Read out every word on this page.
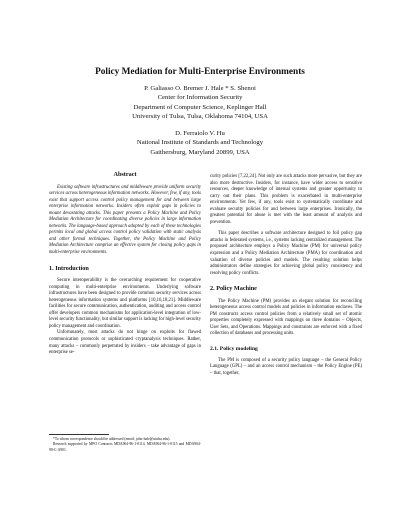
Policy Mediation for Multi-Enterprise Environments
P. Galiasso O. Bremer J. Hale * S. Shenoi
Center for Information Security
Department of Computer Science, Keplinger Hall
University of Tulsa, Tulsa, Oklahoma 74104, USA
D. Ferraiolo V. Hu
National Institute of Standards and Technology
Gaithersburg, Maryland 20899, USA
Abstract

Existing software infrastructures and middleware provide uniform security services across heterogeneous information networks. However, few, if any, tools exist that support access control policy management for and between large enterprise information networks. Insiders often exploit gaps in policies to mount devastating attacks. This paper presents a Policy Machine and Policy Mediation Architecture for coordinating diverse policies in large information networks. The language-based approach adopted by each of these technologies permits local and global access control policy validation with static analysis and other formal techniques. Together, the Policy Machine and Policy Mediation Architecture comprise an effective system for closing policy gaps in multi-enterprise environments.

1. Introduction

Secure interoperability is the overarching requirement for cooperative computing in multi-enterprise environments. Underlying software infrastructures have been designed to provide common security services across heterogeneous information systems and platforms [10,16,18,21]. Middleware facilities for secure communication, authentication, auditing and access control offer developers common mechanisms for application-level integration of low-level security functionality, but similar support is lacking for high-level security policy management and coordination.

Unfortunately, most attacks do not hinge on exploits for flawed communication protocols or sophisticated cryptanalysis techniques. Rather, many attacks – commonly perpetrated by insiders – take advantage of gaps in enterprise se-

*To whom correspondence should be addressed (email: john-hale@utulsa.edu).

Research supported by MPO Contracts MDA904-96-1-0114, MDA904-96-1-0115 and MDA904-98-C-A901.

curity policies [7,22,24]. Not only are such attacks more pervasive, but they are also more destructive. Insiders, for instance, have wider access to sensitive resources, deeper knowledge of internal systems and greater opportunity to carry out their plans. This problem is exacerbated in multi-enterprise environments. Yet few, if any, tools exist to systematically coordinate and evaluate security policies for and between large enterprises. Ironically, the greatest potential for abuse is met with the least amount of analysis and prevention.

This paper describes a software architecture designed to foil policy gap attacks in federated systems, i.e., systems lacking centralized management. The proposed architecture employs a Policy Machine (PM) for universal policy expression and a Policy Mediation Architecture (PMA) for coordination and valuation of diverse policies and models. The resulting solution helps administrators define strategies for achieving global policy consistency and resolving policy conflicts.

2. Policy Machine

The Policy Machine (PM) provides an elegant solution for reconciling heterogeneous access control models and policies in information enclaves. The PM constructs access control policies from a relatively small set of atomic properties completely expressed with mappings on three domains – Objects, User Sets, and Operations. Mappings and constraints are enforced with a fixed collection of databases and processing units.

2.1. Policy modeling

The PM is composed of a security policy language – the General Policy Language (GPL) – and an access control mechanism – the Policy Engine (PE) – that, together,
